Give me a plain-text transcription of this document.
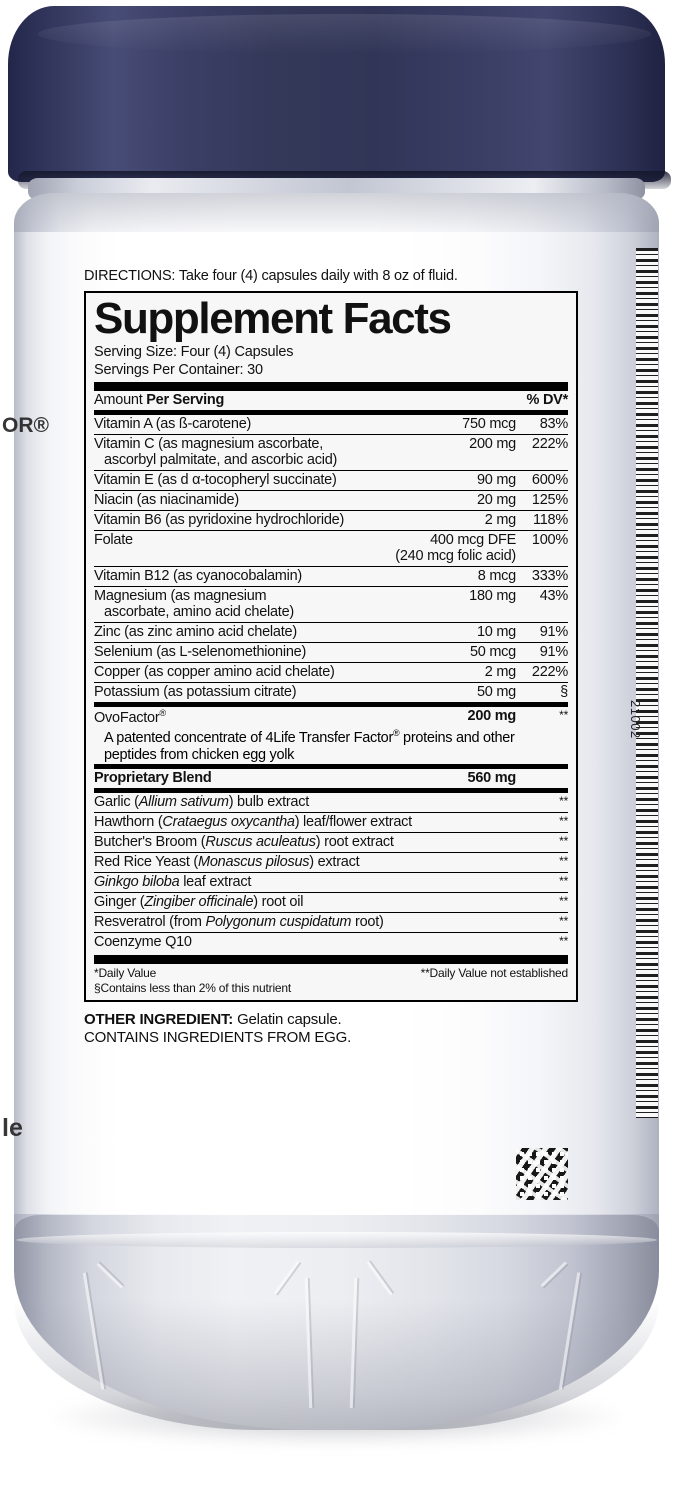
21002
OR®
le
DIRECTIONS: Take four (4) capsules daily with 8 oz of fluid.
Supplement Facts
Serving Size: Four (4) Capsules
Servings Per Container: 30
Amount Per Serving		% DV*
Vitamin A (as ß-carotene)	750 mcg	83%
Vitamin C (as magnesium ascorbate,
ascorbyl palmitate, and ascorbic acid)	200 mg	222%
Vitamin E (as d α-tocopheryl succinate)	90 mg	600%
Niacin (as niacinamide)	20 mg	125%
Vitamin B6 (as pyridoxine hydrochloride)	2 mg	118%
Folate	400 mcg DFE
(240 mcg folic acid)	100%
Vitamin B12 (as cyanocobalamin)	8 mcg	333%
Magnesium (as magnesium
ascorbate, amino acid chelate)	180 mg	43%
Zinc (as zinc amino acid chelate)	10 mg	91%
Selenium (as L-selenomethionine)	50 mcg	91%
Copper (as copper amino acid chelate)	2 mg	222%
Potassium (as potassium citrate)	50 mg	§
OvoFactor®	200 mg	**
A patented concentrate of 4Life Transfer Factor® proteins and other
peptides from chicken egg yolk
Proprietary Blend	560 mg	
Garlic (Allium sativum) bulb extract	**
Hawthorn (Crataegus oxycantha) leaf/flower extract	**
Butcher's Broom (Ruscus aculeatus) root extract	**
Red Rice Yeast (Monascus pilosus) extract	**
Ginkgo biloba leaf extract	**
Ginger (Zingiber officinale) root oil	**
Resveratrol (from Polygonum cuspidatum root)	**
Coenzyme Q10	**
*Daily Value
§Contains less than 2% of this nutrient
**Daily Value not established
OTHER INGREDIENT: Gelatin capsule.
CONTAINS INGREDIENTS FROM EGG.
